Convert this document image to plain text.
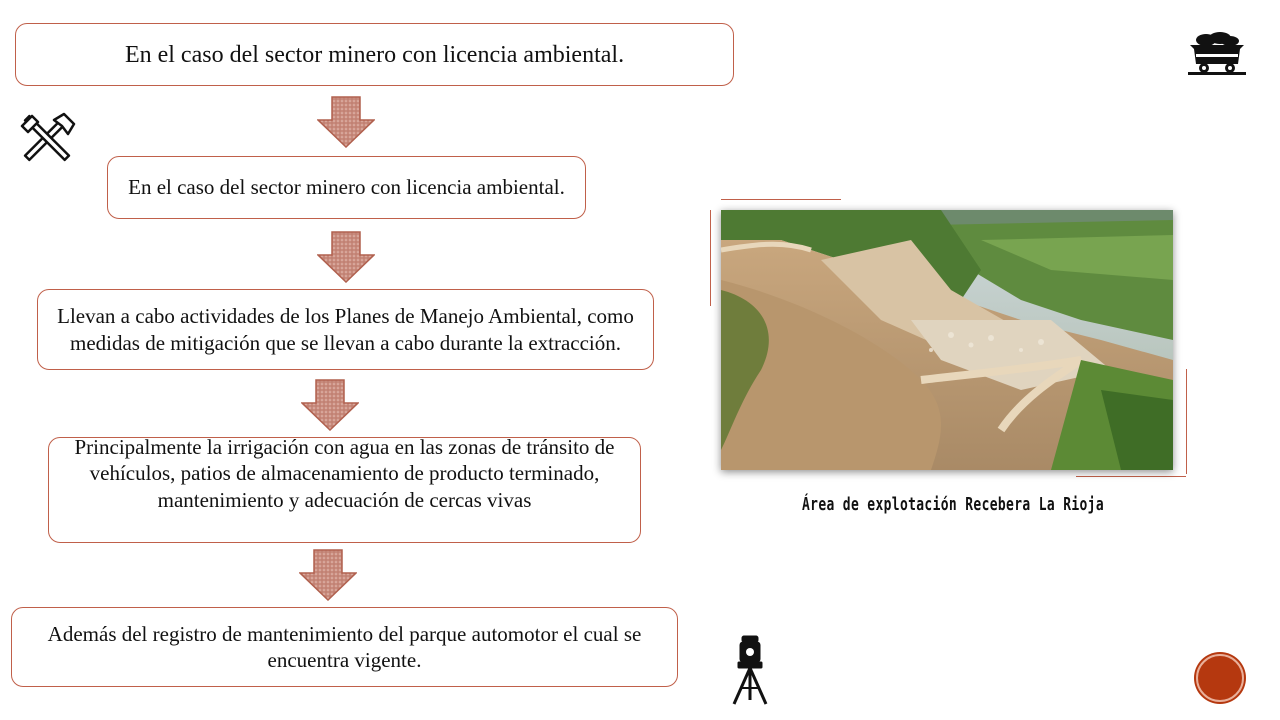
En el caso del sector minero con licencia ambiental.
En el caso del sector minero con licencia ambiental.
Llevan a cabo actividades de los Planes de Manejo Ambiental, como medidas de mitigación que se llevan a cabo durante la extracción.
Principalmente la irrigación con agua en las zonas de tránsito de vehículos, patios de almacenamiento de producto terminado, mantenimiento y adecuación de cercas vivas
Además del registro de mantenimiento del parque automotor el cual se encuentra vigente.
Área de explotación Recebera La Rioja
